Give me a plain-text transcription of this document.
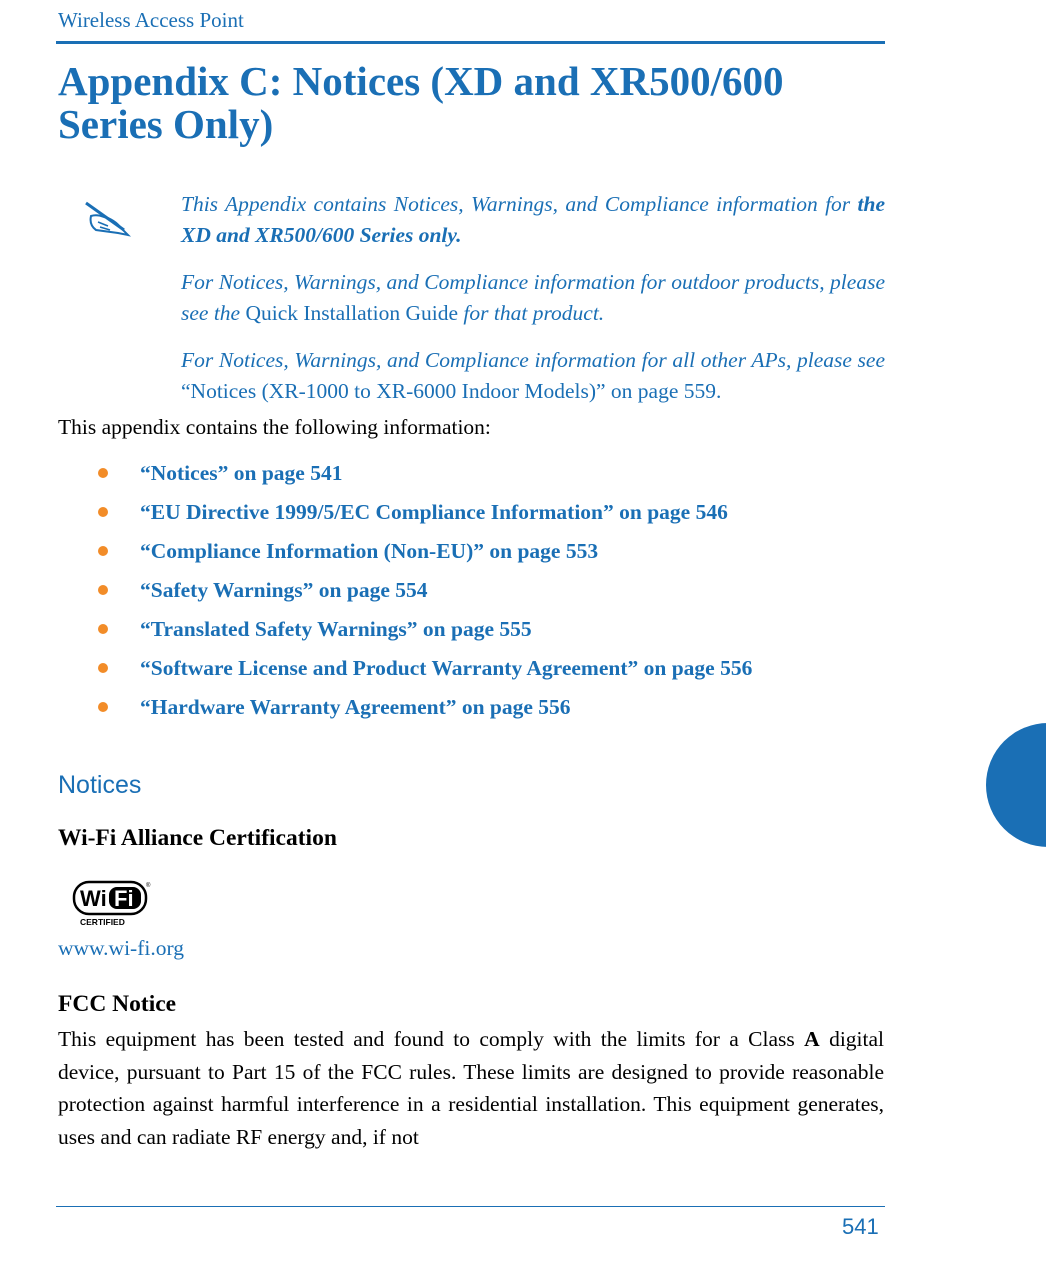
Wireless Access Point
Appendix C: Notices (XD and XR500/600
Series Only)

This Appendix contains Notices, Warnings, and Compliance information for the XD and XR500/600 Series only.

For Notices, Warnings, and Compliance information for outdoor products, please see the Quick Installation Guide for that product.

For Notices, Warnings, and Compliance information for all other APs, please see “Notices (XR-1000 to XR-6000 Indoor Models)” on page 559.

This appendix contains the following information:
“Notices” on page 541
“EU Directive 1999/5/EC Compliance Information” on page 546
“Compliance Information (Non-EU)” on page 553
“Safety Warnings” on page 554
“Translated Safety Warnings” on page 555
“Software License and Product Warranty Agreement” on page 556
“Hardware Warranty Agreement” on page 556
Notices
Wi-Fi Alliance Certification
Wi Fi ®
CERTIFIED
www.wi-fi.org
FCC Notice

This equipment has been tested and found to comply with the limits for a Class A digital device, pursuant to Part 15 of the FCC rules. These limits are designed to provide reasonable protection against harmful interference in a residential installation. This equipment generates, uses and can radiate RF energy and, if not

541
